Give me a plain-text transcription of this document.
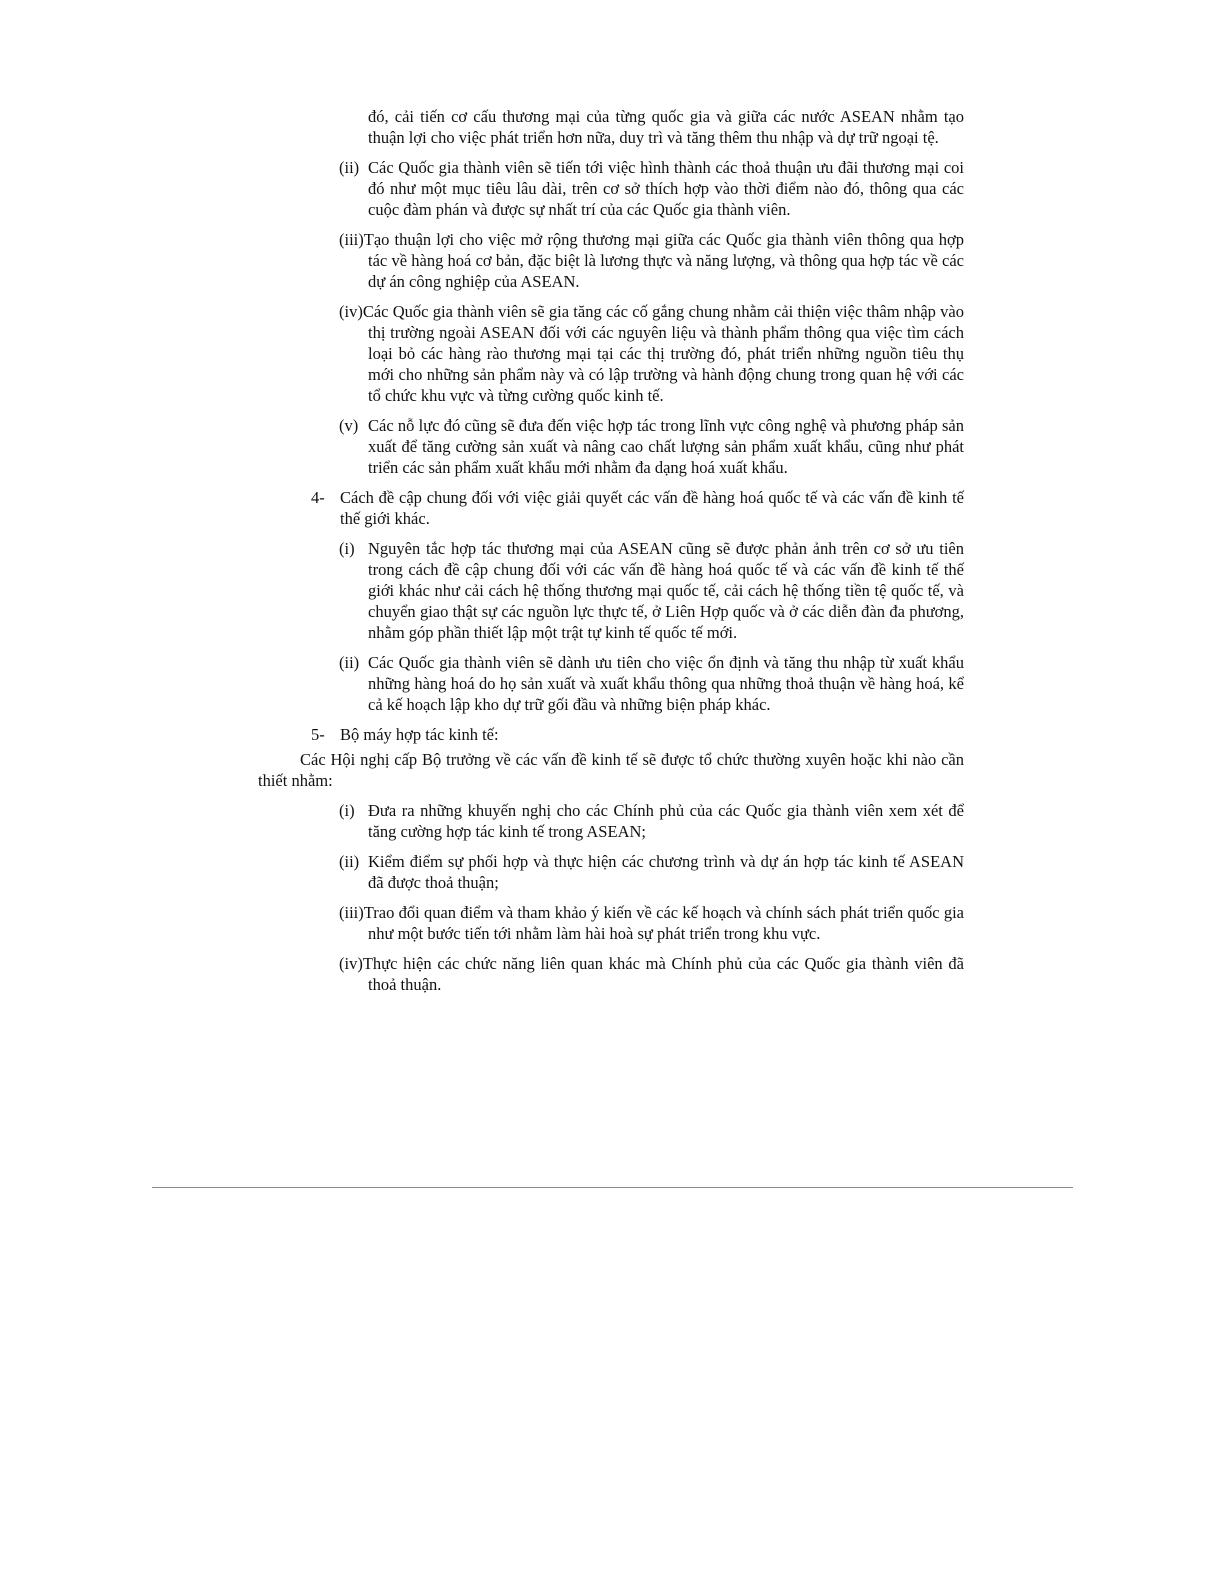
đó, cải tiến cơ cấu thương mại của từng quốc gia và giữa các nước ASEAN nhằm tạo thuận lợi cho việc phát triển hơn nữa, duy trì và tăng thêm thu nhập và dự trữ ngoại tệ.

(ii) Các Quốc gia thành viên sẽ tiến tới việc hình thành các thoả thuận ưu đãi thương mại coi đó như một mục tiêu lâu dài, trên cơ sở thích hợp vào thời điểm nào đó, thông qua các cuộc đàm phán và được sự nhất trí của các Quốc gia thành viên.

(iii)Tạo thuận lợi cho việc mở rộng thương mại giữa các Quốc gia thành viên thông qua hợp tác về hàng hoá cơ bản, đặc biệt là lương thực và năng lượng, và thông qua hợp tác về các dự án công nghiệp của ASEAN.

(iv)Các Quốc gia thành viên sẽ gia tăng các cố gắng chung nhằm cải thiện việc thâm nhập vào thị trường ngoài ASEAN đối với các nguyên liệu và thành phẩm thông qua việc tìm cách loại bỏ các hàng rào thương mại tại các thị trường đó, phát triển những nguồn tiêu thụ mới cho những sản phẩm này và có lập trường và hành động chung trong quan hệ với các tổ chức khu vực và từng cường quốc kinh tế.

(v) Các nỗ lực đó cũng sẽ đưa đến việc hợp tác trong lĩnh vực công nghệ và phương pháp sản xuất để tăng cường sản xuất và nâng cao chất lượng sản phẩm xuất khẩu, cũng như phát triển các sản phẩm xuất khẩu mới nhằm đa dạng hoá xuất khẩu.

4- Cách đề cập chung đối với việc giải quyết các vấn đề hàng hoá quốc tế và các vấn đề kinh tế thế giới khác.

(i) Nguyên tắc hợp tác thương mại của ASEAN cũng sẽ được phản ảnh trên cơ sở ưu tiên trong cách đề cập chung đối với các vấn đề hàng hoá quốc tế và các vấn đề kinh tế thế giới khác như cải cách hệ thống thương mại quốc tế, cải cách hệ thống tiền tệ quốc tế, và chuyển giao thật sự các nguồn lực thực tế, ở Liên Hợp quốc và ở các diễn đàn đa phương, nhằm góp phần thiết lập một trật tự kinh tế quốc tế mới.

(ii) Các Quốc gia thành viên sẽ dành ưu tiên cho việc ổn định và tăng thu nhập từ xuất khẩu những hàng hoá do họ sản xuất và xuất khẩu thông qua những thoả thuận về hàng hoá, kể cả kế hoạch lập kho dự trữ gối đầu và những biện pháp khác.

5- Bộ máy hợp tác kinh tế:

Các Hội nghị cấp Bộ trưởng về các vấn đề kinh tế sẽ được tổ chức thường xuyên hoặc khi nào cần thiết nhằm:

(i) Đưa ra những khuyến nghị cho các Chính phủ của các Quốc gia thành viên xem xét để tăng cường hợp tác kinh tế trong ASEAN;

(ii) Kiểm điểm sự phối hợp và thực hiện các chương trình và dự án hợp tác kinh tế ASEAN đã được thoả thuận;

(iii)Trao đổi quan điểm và tham khảo ý kiến về các kế hoạch và chính sách phát triển quốc gia như một bước tiến tới nhằm làm hài hoà sự phát triển trong khu vực.

(iv)Thực hiện các chức năng liên quan khác mà Chính phủ của các Quốc gia thành viên đã thoả thuận.
